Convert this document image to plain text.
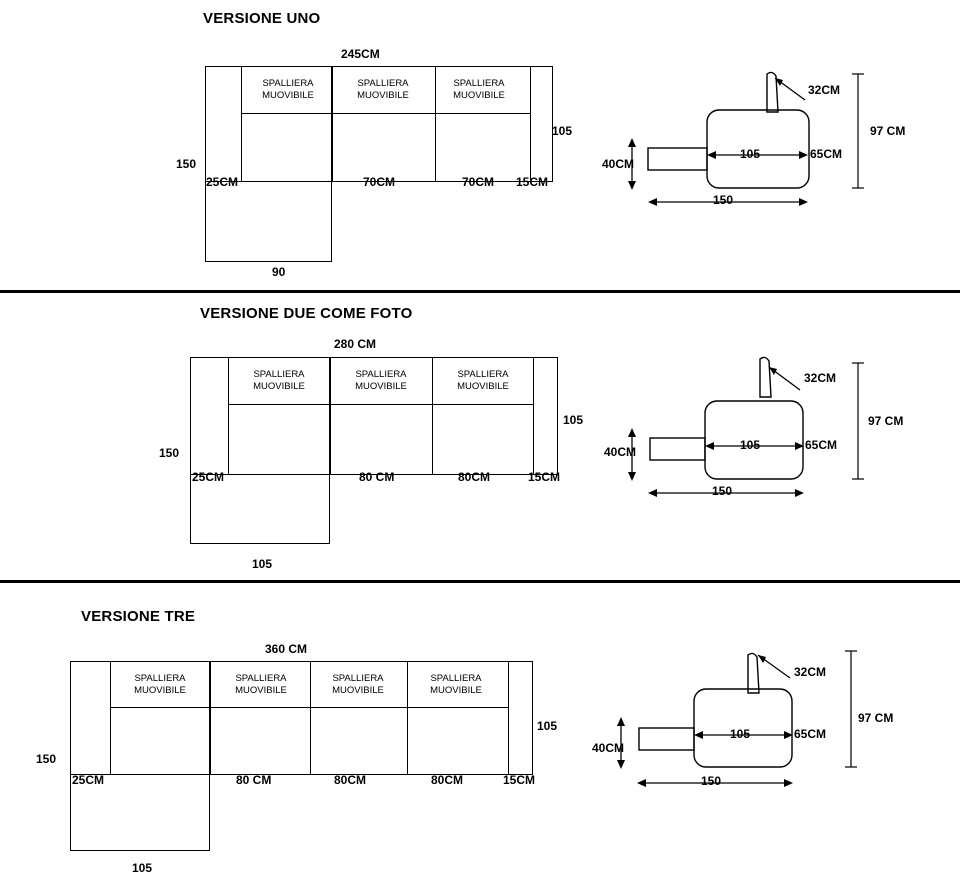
VERSIONE UNO
245CM
SPALLIERA
MUOVIBILE
SPALLIERA
MUOVIBILE
SPALLIERA
MUOVIBILE
150
105
90
25CM	70CM	70CM 15CM
32CM
97 CM
40CM
105	65CM
150
VERSIONE DUE COME FOTO
280 CM
SPALLIERA
MUOVIBILE
SPALLIERA
MUOVIBILE
SPALLIERA
MUOVIBILE
150
105
105
25CM	80 CM	80CM	15CM
32CM
97 CM
40CM	105	65CM
150
VERSIONE TRE
360 CM
SPALLIERA
MUOVIBILE
SPALLIERA
MUOVIBILE
SPALLIERA
MUOVIBILE
SPALLIERA
MUOVIBILE
150
105
105
25CM	80 CM	80CM	80CM	15CM
32CM
97 CM
40CM
105	65CM
150
